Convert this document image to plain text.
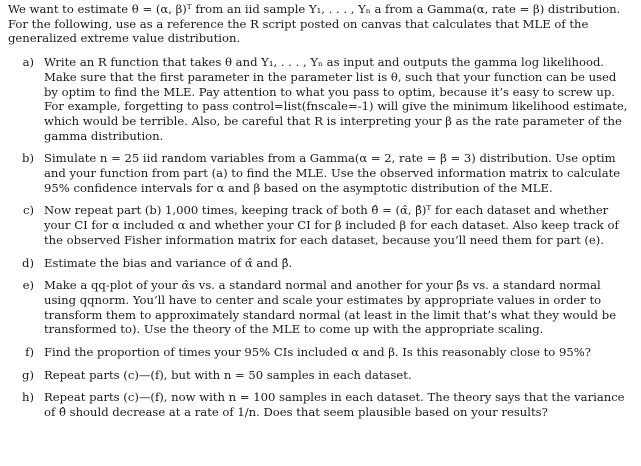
We want to estimate θ = (α, β)ᵀ from an iid sample Y₁, . . . , Yₙ a from a Gamma(α, rate = β) distribution. For the following, use as a reference the R script posted on canvas that calculates that MLE of the generalized extreme value distribution.

a) Write an R function that takes θ and Y₁, . . . , Yₙ as input and outputs the gamma log likelihood. Make sure that the first parameter in the parameter list is θ, such that your function can be used by optim to find the MLE. Pay attention to what you pass to optim, because it’s easy to screw up. For example, forgetting to pass control=list(fnscale=-1) will give the minimum likelihood estimate, which would be terrible. Also, be careful that R is interpreting your β as the rate parameter of the gamma distribution.
b) Simulate n = 25 iid random variables from a Gamma(α = 2, rate = β = 3) distribution. Use optim and your function from part (a) to find the MLE. Use the observed information matrix to calculate 95% confidence intervals for α and β based on the asymptotic distribution of the MLE.
c) Now repeat part (b) 1,000 times, keeping track of both θ̂ = (α̂, β̂)ᵀ for each dataset and whether your CI for α included α and whether your CI for β included β for each dataset. Also keep track of the observed Fisher information matrix for each dataset, because you’ll need them for part (e).
d) Estimate the bias and variance of α̂ and β̂.
e) Make a qq-plot of your α̂s vs. a standard normal and another for your β̂s vs. a standard normal using qqnorm. You’ll have to center and scale your estimates by appropriate values in order to transform them to approximately standard normal (at least in the limit that’s what they would be transformed to). Use the theory of the MLE to come up with the appropriate scaling.
f) Find the proportion of times your 95% CIs included α and β. Is this reasonably close to 95%?
g) Repeat parts (c)—(f), but with n = 50 samples in each dataset.
h) Repeat parts (c)—(f), now with n = 100 samples in each dataset. The theory says that the variance of θ̂ should decrease at a rate of 1/n. Does that seem plausible based on your results?
